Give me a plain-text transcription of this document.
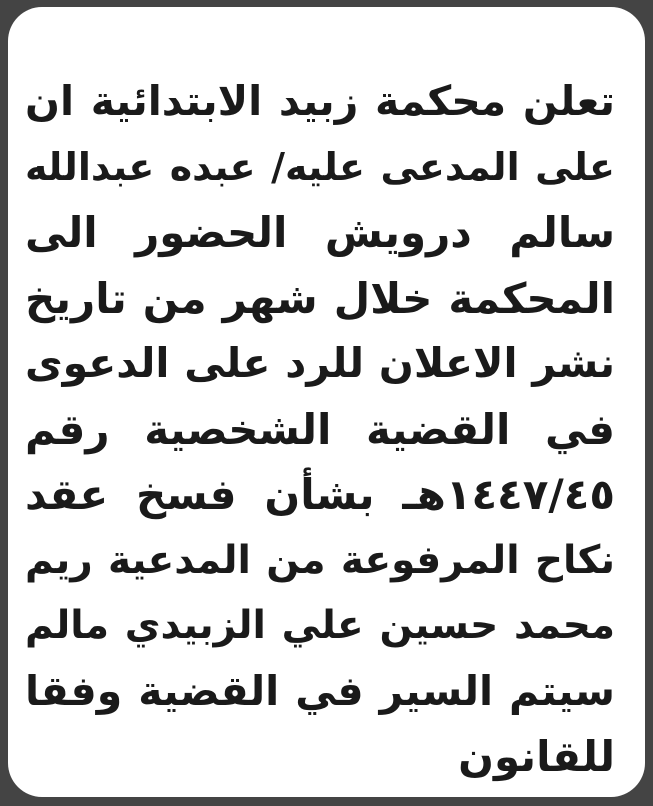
تعلن محكمة زبيد الابتدائية ان
على المدعى عليه/ عبده عبدالله
سالم درويش الحضور الى
المحكمة خلال شهر من تاريخ
نشر الاعلان للرد على الدعوى
في القضية الشخصية رقم
١٤٤٧/٤٥هـ بشأن فسخ عقد
نكاح المرفوعة من المدعية ريم
محمد حسين علي الزبيدي مالم
سيتم السير في القضية وفقا
للقانون
